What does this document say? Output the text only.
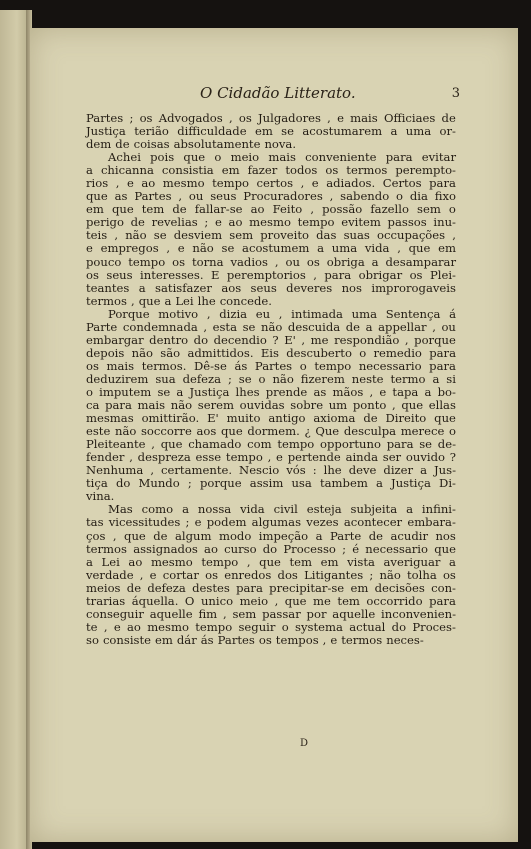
O Cidadão Litterato.	3
Partes ; os Advogados , os Julgadores , e mais Officiaes de
Justiça terião difficuldade em se acostumarem a uma or-
dem de coisas absolutamente nova.
Achei pois que o meio mais conveniente para evitar
a chicanna consistia em fazer todos os termos perempto-
rios , e ao mesmo tempo certos , e adiados. Certos para
que as Partes , ou seus Procuradores , sabendo o dia fixo
em que tem de fallar-se ao Feito , possão fazello sem o
perigo de revelias ; e ao mesmo tempo evitem passos inu-
teis , não se desviem sem proveito das suas occupações ,
e empregos , e não se acostumem a uma vida , que em
pouco tempo os torna vadios , ou os obriga a desamparar
os seus interesses. E peremptorios , para obrigar os Plei-
teantes a satisfazer aos seus deveres nos improrogaveis
termos , que a Lei lhe concede.
Porque motivo , dizia eu , intimada uma Sentença á
Parte condemnada , esta se não descuida de a appellar , ou
embargar dentro do decendio ? E' , me respondião , porque
depois não são admittidos. Eis descuberto o remedio para
os mais termos. Dê-se ás Partes o tempo necessario para
deduzirem sua defeza ; se o não fizerem neste termo a si
o imputem se a Justiça lhes prende as mãos , e tapa a bo-
ca para mais não serem ouvidas sobre um ponto , que ellas
mesmas omittirão. E' muito antigo axioma de Direito que
este não soccorre aos que dormem. ¿ Que desculpa merece o
Pleiteante , que chamado com tempo opportuno para se de-
fender , despreza esse tempo , e pertende ainda ser ouvido ?
Nenhuma , certamente. Nescio vós : lhe deve dizer a Jus-
tiça do Mundo ; porque assim usa tambem a Justiça Di-
vina.
Mas como a nossa vida civil esteja subjeita a infini-
tas vicessitudes ; e podem algumas vezes acontecer embara-
ços , que de algum modo impeção a Parte de acudir nos
termos assignados ao curso do Processo ; é necessario que
a Lei ao mesmo tempo , que tem em vista averiguar a
verdade , e cortar os enredos dos Litigantes ; não tolha os
meios de defeza destes para precipitar-se em decisões con-
trarias áquella. O unico meio , que me tem occorrido para
conseguir aquelle fim , sem passar por aquelle inconvenien-
te , e ao mesmo tempo seguir o systema actual do Proces-
so consiste em dár ás Partes os tempos , e termos neces-
D
